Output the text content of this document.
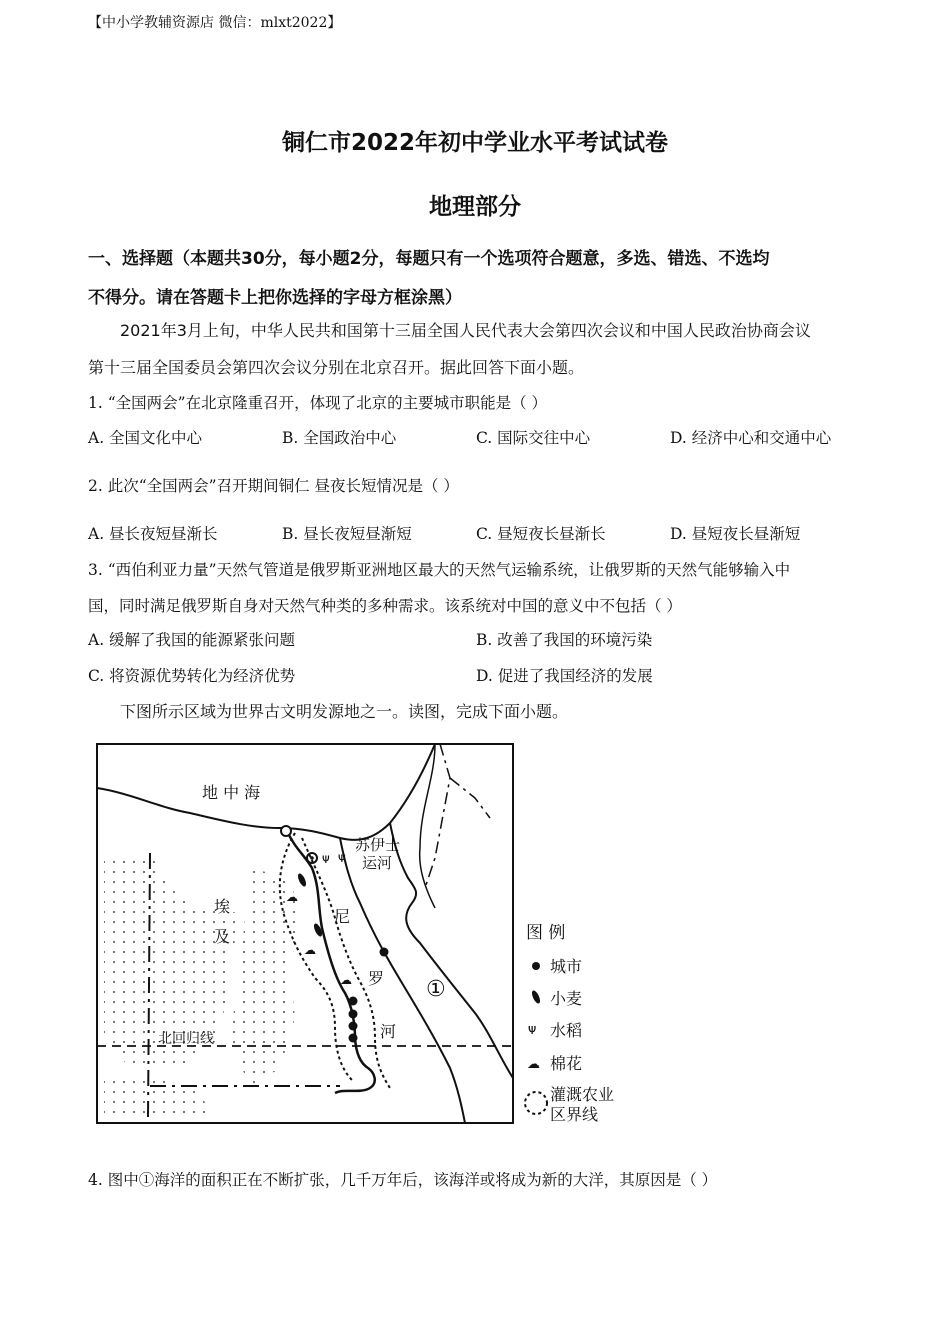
【中小学教辅资源店 微信：mlxt2022】
铜仁市2022年初中学业水平考试试卷
地理部分
一、选择题（本题共30分，每小题2分，每题只有一个选项符合题意，多选、错选、不选均
不得分。请在答题卡上把你选择的字母方框涂黑）
2021年3月上旬，中华人民共和国第十三届全国人民代表大会第四次会议和中国人民政治协商会议
第十三届全国委员会第四次会议分别在北京召开。据此回答下面小题。
1. “全国两会”在北京隆重召开，体现了北京的主要城市职能是（ ）
A. 全国文化中心	B. 全国政治中心	C. 国际交往中心	D. 经济中心和交通中心
2. 此次“全国两会”召开期间铜仁 昼夜长短情况是（ ）
A. 昼长夜短昼渐长	B. 昼长夜短昼渐短	C. 昼短夜长昼渐长	D. 昼短夜长昼渐短
3. “西伯利亚力量”天然气管道是俄罗斯亚洲地区最大的天然气运输系统，让俄罗斯的天然气能够输入中
国，同时满足俄罗斯自身对天然气种类的多种需求。该系统对中国的意义中不包括（ ）
A. 缓解了我国的能源紧张问题	B. 改善了我国的环境污染
C. 将资源优势转化为经济优势	D. 促进了我国经济的发展
下图所示区域为世界古文明发源地之一。读图，完成下面小题。
ᴪ ᴪ
☁
☁
☁
地 中 海
苏伊士
运河
埃
及
尼
罗
河
①
北回归线
图 例
城市
小麦
ᴪ 水稻
☁ 棉花
灌溉农业
区界线
4. 图中①海洋的面积正在不断扩张，几千万年后，该海洋或将成为新的大洋，其原因是（ ）
